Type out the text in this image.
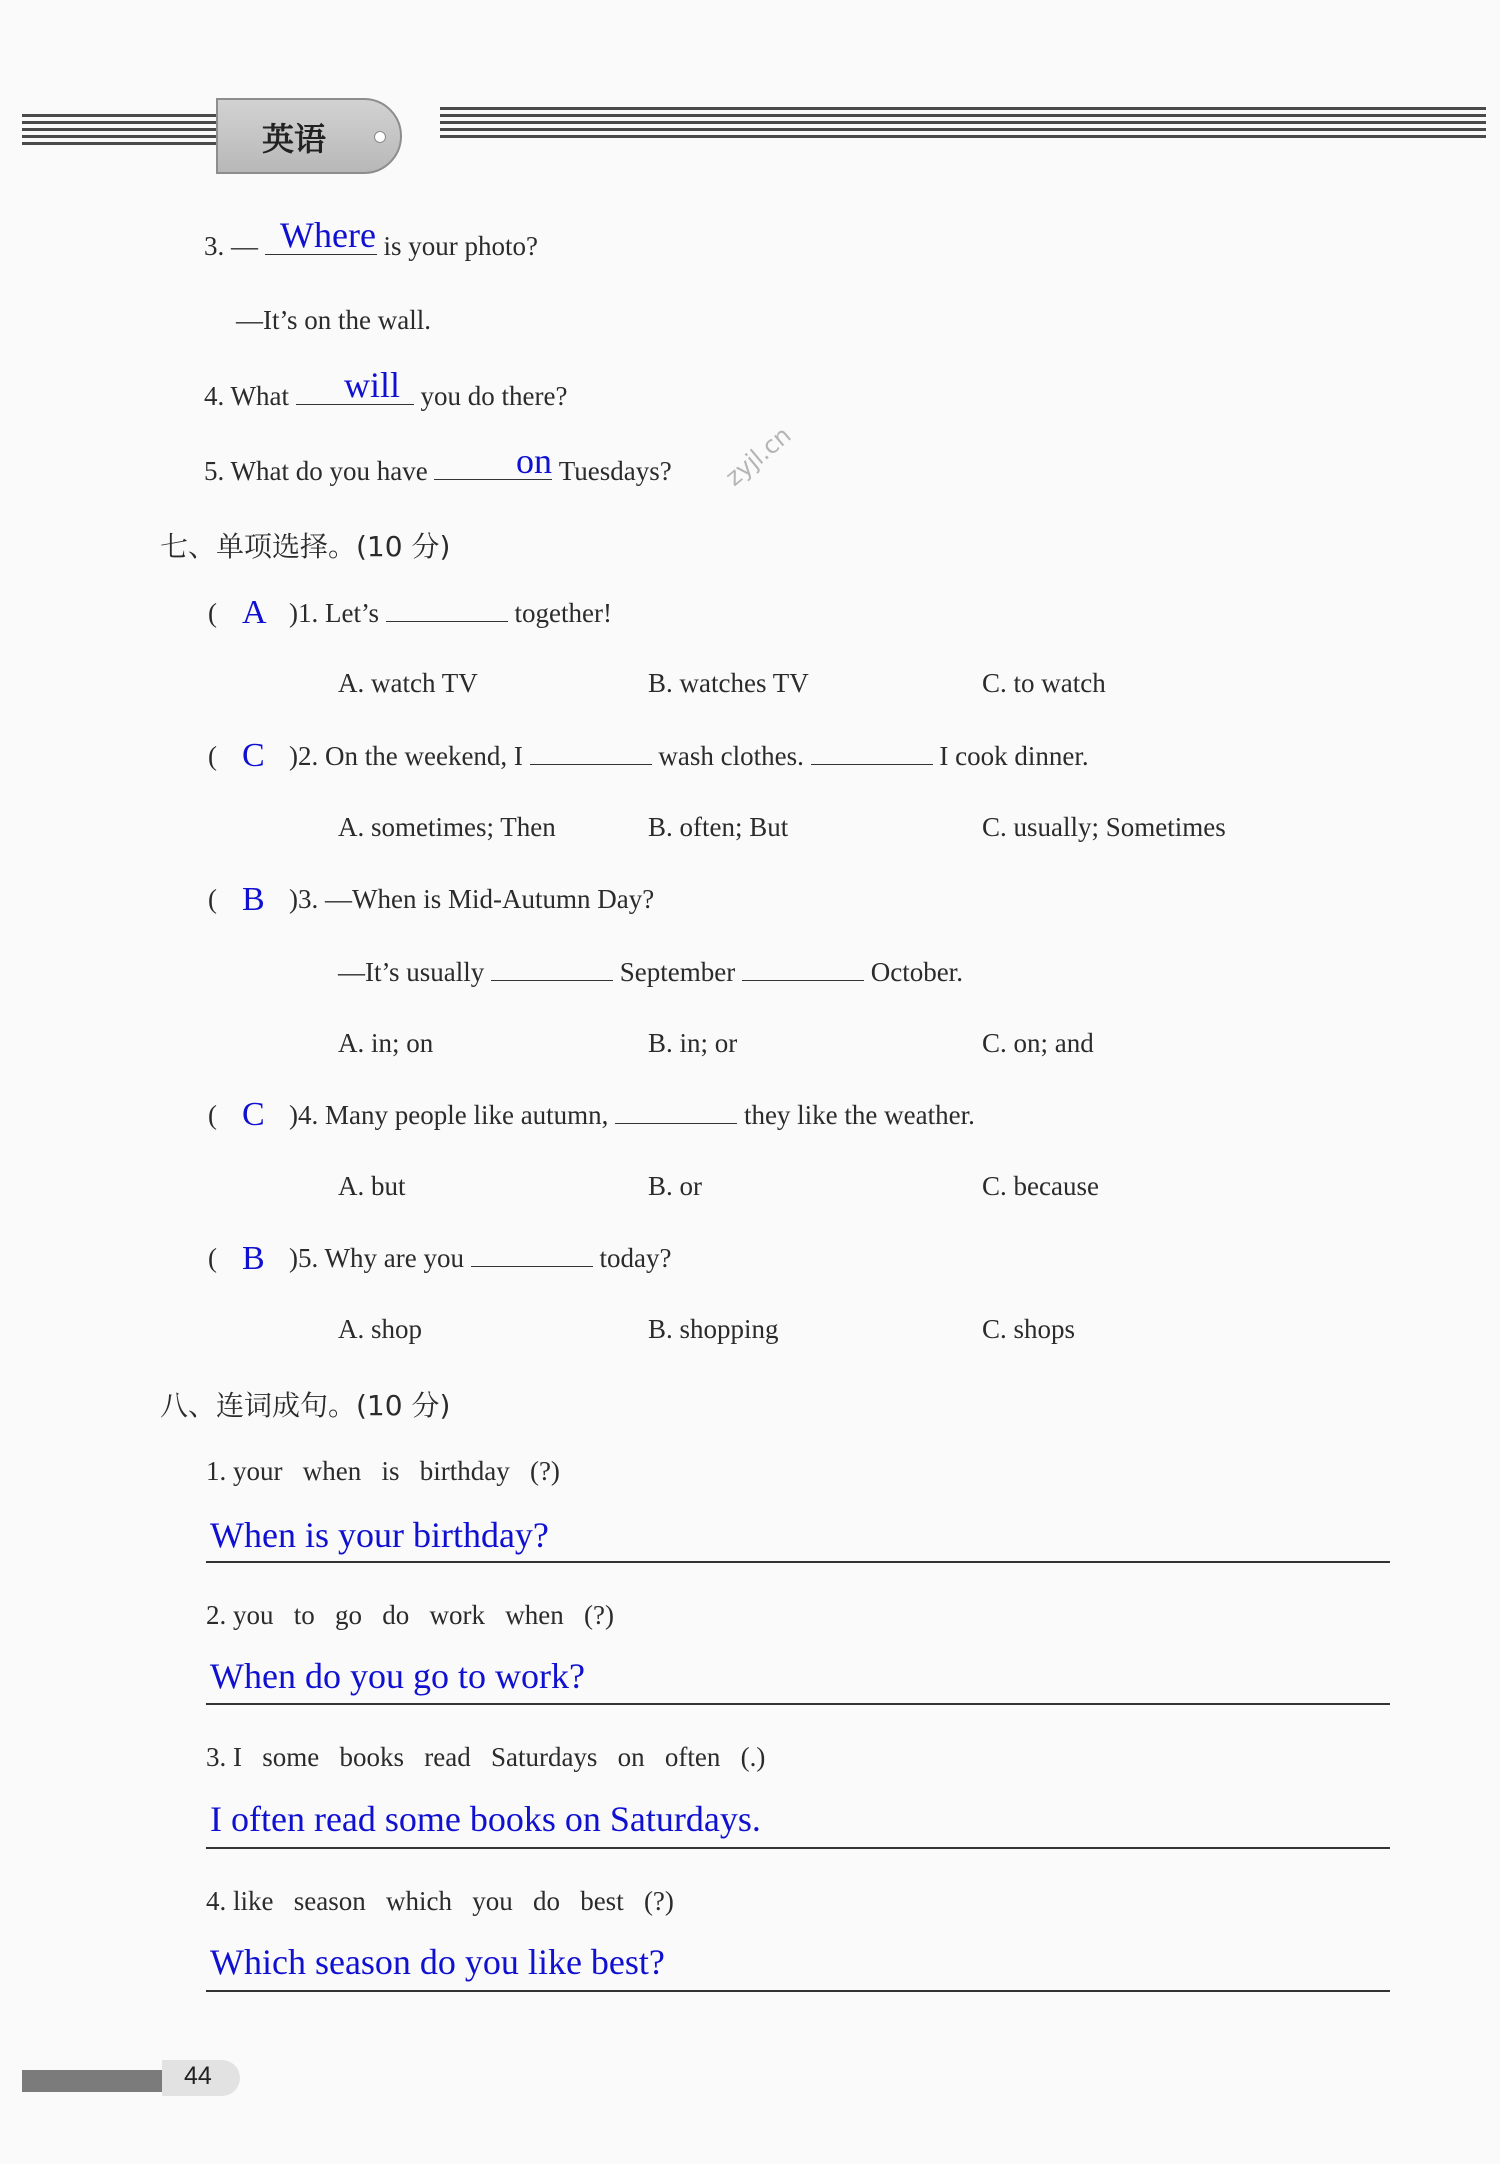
英语
3. —	is your photo?
Where
—It’s on the wall.
4. What	you do there?
will
5. What do you have	Tuesdays?
on	zyjl.cn
七、单项选择。(10 分)
(	)1. Let’s	together!
A
A. watch TV	B. watches TV	C. to watch
(	)2. On the weekend, I	wash clothes.	I cook dinner.
C
A. sometimes; Then	B. often; But	C. usually; Sometimes
(	)3. —When is Mid-Autumn Day?
B
—It’s usually	September	October.
A. in; on	B. in; or	C. on; and
(	)4. Many people like autumn,	they like the weather.
C
A. but	B. or	C. because
(	)5. Why are you	today?
B
A. shop	B. shopping	C. shops
八、连词成句。(10 分)
1. your   when   is   birthday   (?)
When is your birthday?
2. you   to   go   do   work   when   (?)
When do you go to work?
3. I   some   books   read   Saturdays   on   often   (.)
I often read some books on Saturdays.
4. like   season   which   you   do   best   (?)
Which season do you like best?
44
